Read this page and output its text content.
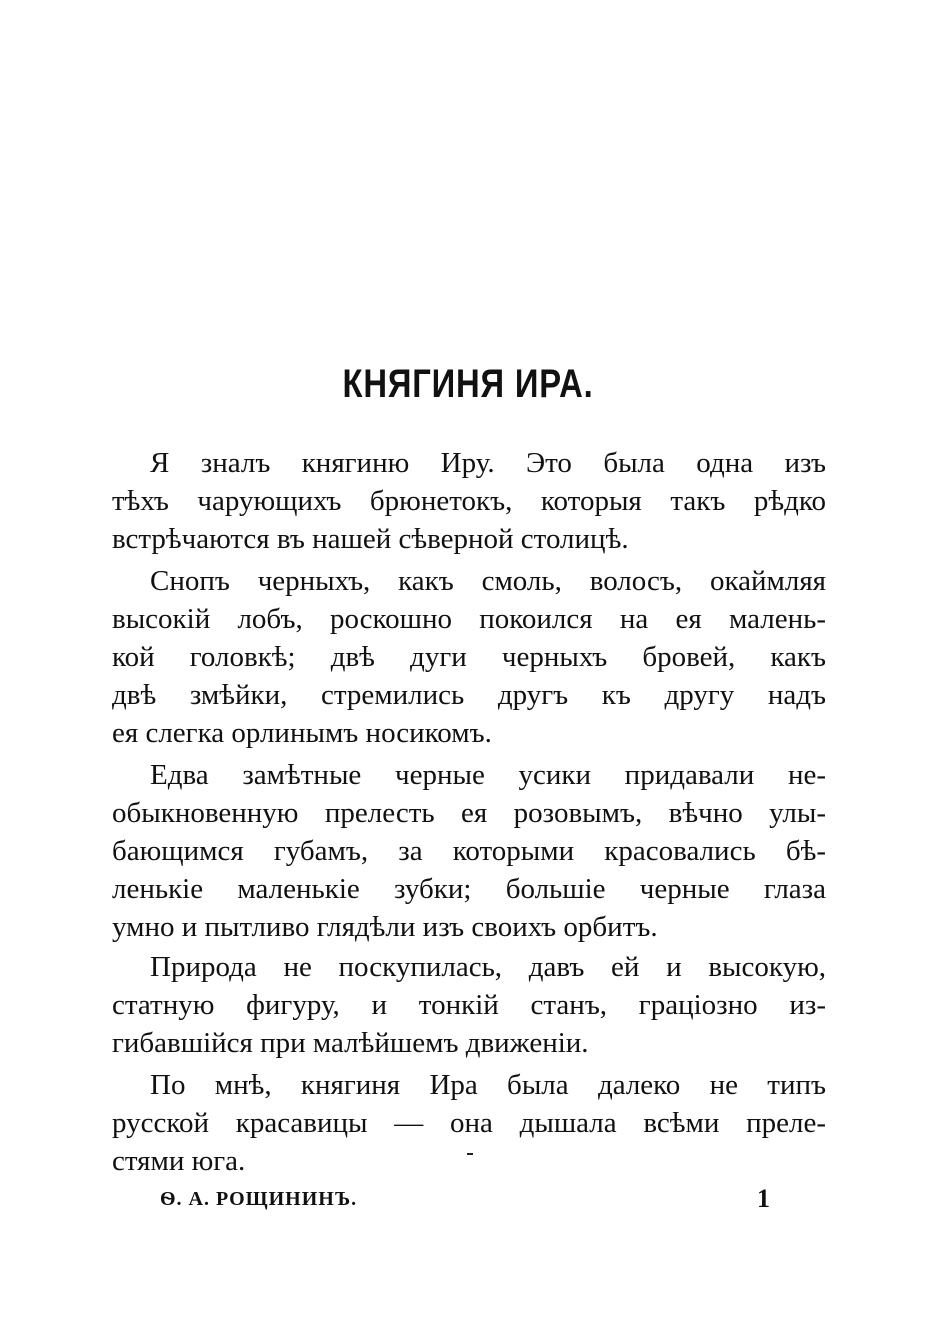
КНЯГИНЯ ИРА.

Я зналъ княгиню Иру. Это была одна изъ
тѣхъ чарующихъ брюнетокъ, которыя такъ рѣдко
встрѣчаются въ нашей сѣверной столицѣ.

Снопъ черныхъ, какъ смоль, волосъ, окаймляя
высокій лобъ, роскошно покоился на ея малень-
кой головкѣ; двѣ дуги черныхъ бровей, какъ
двѣ змѣйки, стремились другъ къ другу надъ
ея слегка орлинымъ носикомъ.

Едва замѣтные черные усики придавали не-
обыкновенную прелесть ея розовымъ, вѣчно улы-
бающимся губамъ, за которыми красовались бѣ-
ленькіе маленькіе зубки; большіе черные глаза
умно и пытливо глядѣли изъ своихъ орбитъ.

Природа не поскупилась, давъ ей и высокую,
статную фигуру, и тонкій станъ, граціозно из-
гибавшійся при малѣйшемъ движеніи.

По мнѣ, княгиня Ира была далеко не типъ
русской красавицы — она дышала всѣми преле-
стями юга.

Ѳ. А. РОЩИНИНЪ.	1
